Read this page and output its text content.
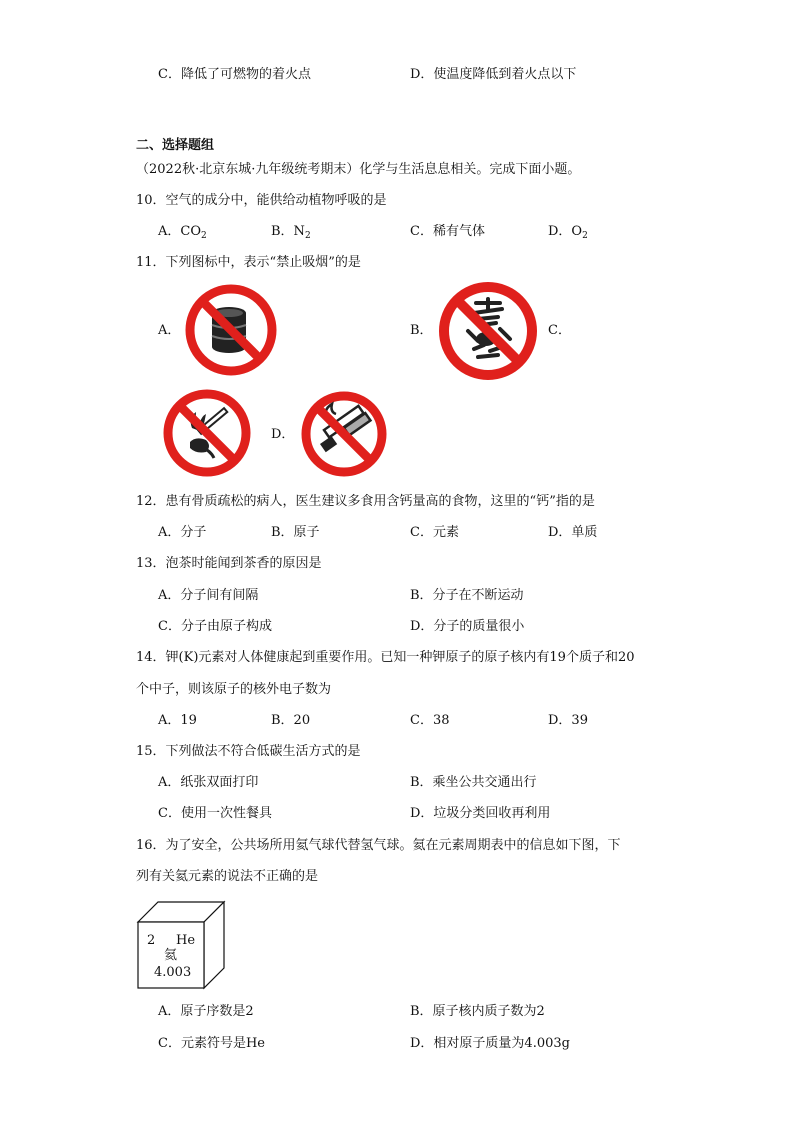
C．降低了可燃物的着火点	D．使温度降低到着火点以下
二、选择题组
（2022秋·北京东城·九年级统考期末）化学与生活息息相关。完成下面小题。
10．空气的成分中，能供给动植物呼吸的是
A．$CO_2$	B．$N_2$	C．稀有气体	D．$O_2$
11．下列图标中，表示“禁止吸烟”的是
A．	B．	C．
D．
12．患有骨质疏松的病人，医生建议多食用含钙量高的食物，这里的“钙”指的是
A．分子	B．原子	C．元素	D．单质
13．泡茶时能闻到茶香的原因是
A．分子间有间隔	B．分子在不断运动
C．分子由原子构成	D．分子的质量很小
14．钾(K)元素对人体健康起到重要作用。已知一种钾原子的原子核内有19个质子和20
个中子，则该原子的核外电子数为
A．19	B．20	C．38	D．39
15．下列做法不符合低碳生活方式的是
A．纸张双面打印	B．乘坐公共交通出行
C．使用一次性餐具	D．垃圾分类回收再利用
16．为了安全，公共场所用氦气球代替氢气球。氦在元素周期表中的信息如下图，下
列有关氦元素的说法不正确的是
2 He
氦
4.003
A．原子序数是2	B．原子核内质子数为2
C．元素符号是He	D．相对原子质量为4.003g
